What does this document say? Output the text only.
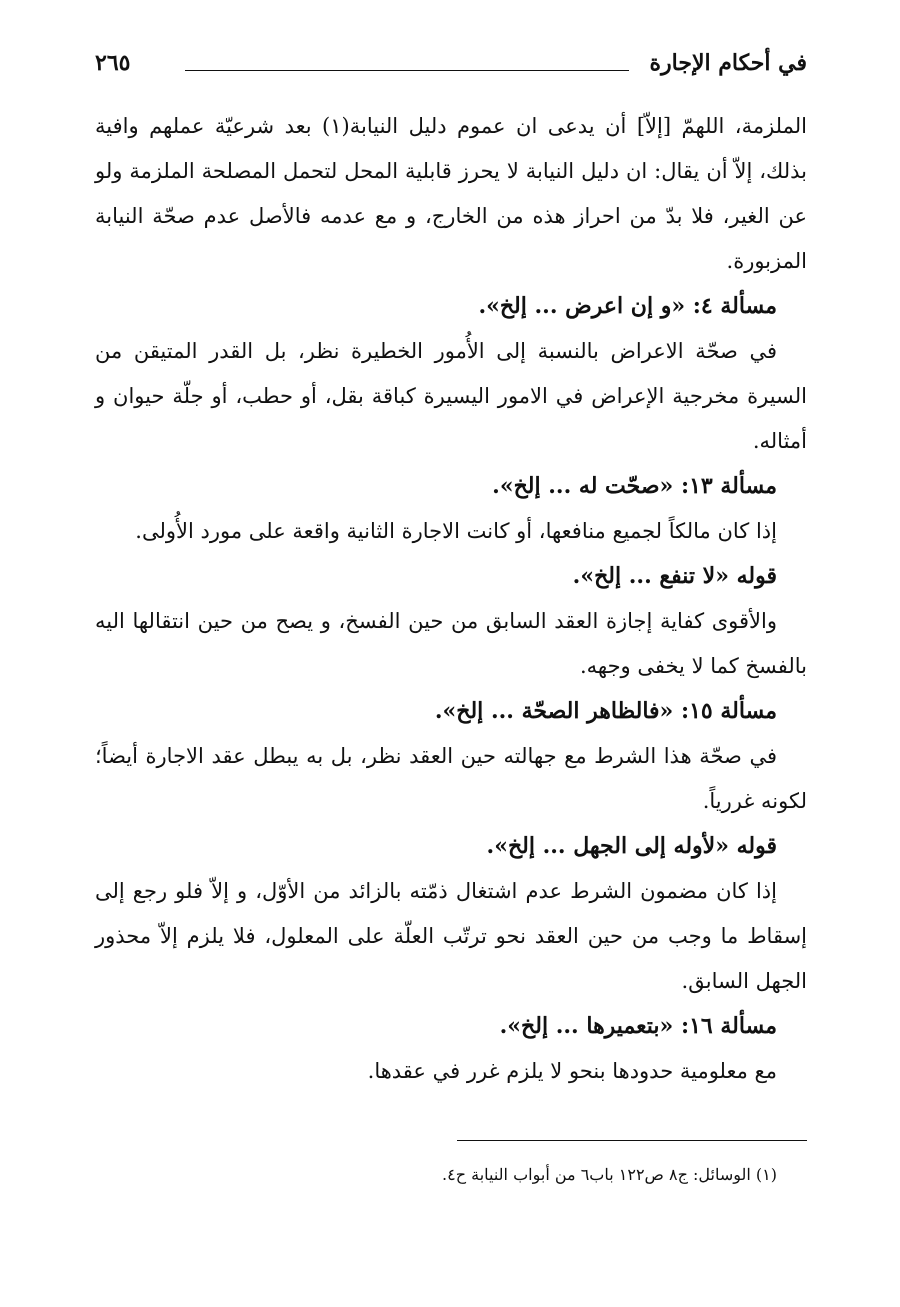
في أحكام الإجارة
٢٦٥

الملزمة، اللهمّ [إلاّ] أن يدعى ان عموم دليل النيابة(١) بعد شرعيّة عملهم وافية بذلك، إلاّ أن يقال: ان دليل النيابة لا يحرز قابلية المحل لتحمل المصلحة الملزمة ولو عن الغير، فلا بدّ من احراز هذه من الخارج، و مع عدمه فالأصل عدم صحّة النيابة المزبورة.

مسألة ٤: «و إن اعرض ... إلخ».

في صحّة الاعراض بالنسبة إلى الأُمور الخطيرة نظر، بل القدر المتيقن من السيرة مخرجية الإعراض في الامور اليسيرة كباقة بقل، أو حطب، أو جلّة حيوان و أمثاله.

مسألة ١٣: «صحّت له ... إلخ».

إذا كان مالكاً لجميع منافعها، أو كانت الاجارة الثانية واقعة على مورد الأُولى.

قوله «لا تنفع ... إلخ».

والأقوى كفاية إجازة العقد السابق من حين الفسخ، و يصح من حين انتقالها اليه بالفسخ كما لا يخفى وجهه.

مسألة ١٥: «فالظاهر الصحّة ... إلخ».

في صحّة هذا الشرط مع جهالته حين العقد نظر، بل به يبطل عقد الاجارة أيضاً؛ لكونه غررياً.

قوله «لأوله إلى الجهل ... إلخ».

إذا كان مضمون الشرط عدم اشتغال ذمّته بالزائد من الأوّل، و إلاّ فلو رجع إلى إسقاط ما وجب من حين العقد نحو ترتّب العلّة على المعلول، فلا يلزم إلاّ محذور الجهل السابق.

مسألة ١٦: «بتعميرها ... إلخ».

مع معلومية حدودها بنحو لا يلزم غرر في عقدها.

(١) الوسائل: ج٨ ص١٢٢ باب٦ من أبواب النيابة ح٤.
